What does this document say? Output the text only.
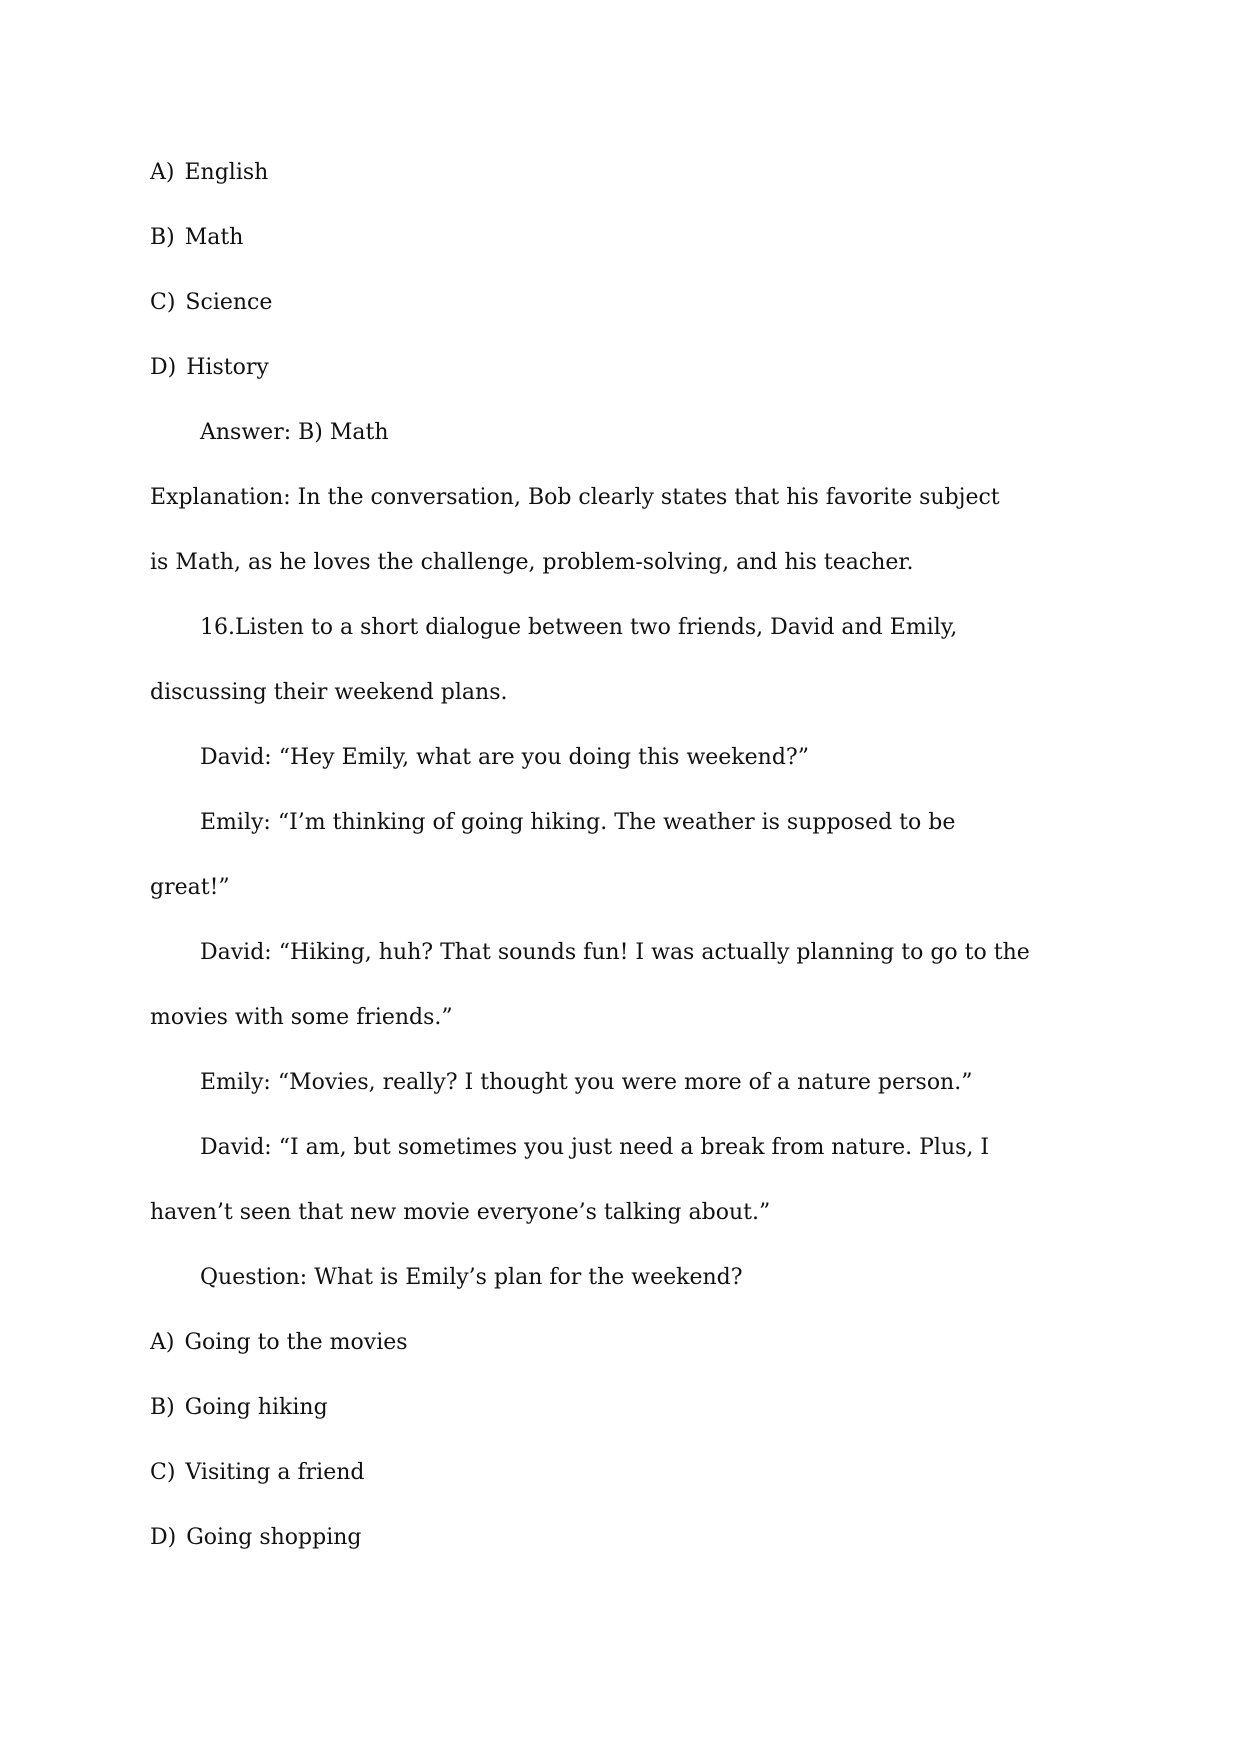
A) English

B) Math

C) Science

D) History

Answer: B) Math

Explanation: In the conversation, Bob clearly states that his favorite subject

is Math, as he loves the challenge, problem-solving, and his teacher.

16.Listen to a short dialogue between two friends, David and Emily,

discussing their weekend plans.

David: “Hey Emily, what are you doing this weekend?”

Emily: “I’m thinking of going hiking. The weather is supposed to be

great!”

David: “Hiking, huh? That sounds fun! I was actually planning to go to the

movies with some friends.”

Emily: “Movies, really? I thought you were more of a nature person.”

David: “I am, but sometimes you just need a break from nature. Plus, I

haven’t seen that new movie everyone’s talking about.”

Question: What is Emily’s plan for the weekend?

A) Going to the movies

B) Going hiking

C) Visiting a friend

D) Going shopping
